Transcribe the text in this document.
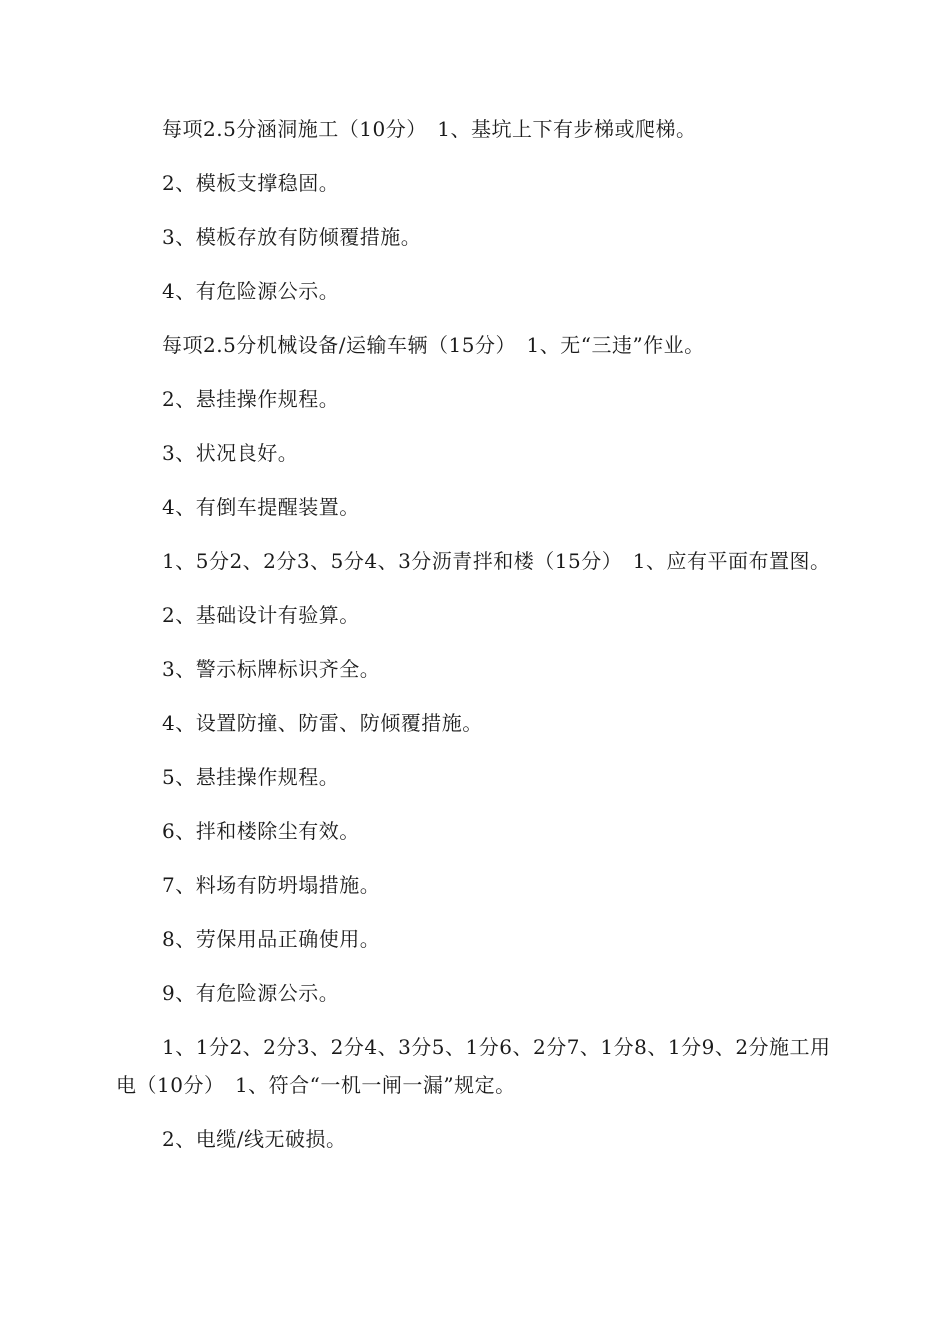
每项2.5分涵洞施工（10分）　1、基坑上下有步梯或爬梯。

2、模板支撑稳固。

3、模板存放有防倾覆措施。

4、有危险源公示。

每项2.5分机械设备/运输车辆（15分）　1、无“三违”作业。

2、悬挂操作规程。

3、状况良好。

4、有倒车提醒装置。

1、5分2、2分3、5分4、3分沥青拌和楼（15分）　1、应有平面布置图。

2、基础设计有验算。

3、警示标牌标识齐全。

4、设置防撞、防雷、防倾覆措施。

5、悬挂操作规程。

6、拌和楼除尘有效。

7、料场有防坍塌措施。

8、劳保用品正确使用。

9、有危险源公示。

1、1分2、2分3、2分4、3分5、1分6、2分7、1分8、1分9、2分施工用电（10分）　1、符合“一机一闸一漏”规定。

2、电缆/线无破损。
